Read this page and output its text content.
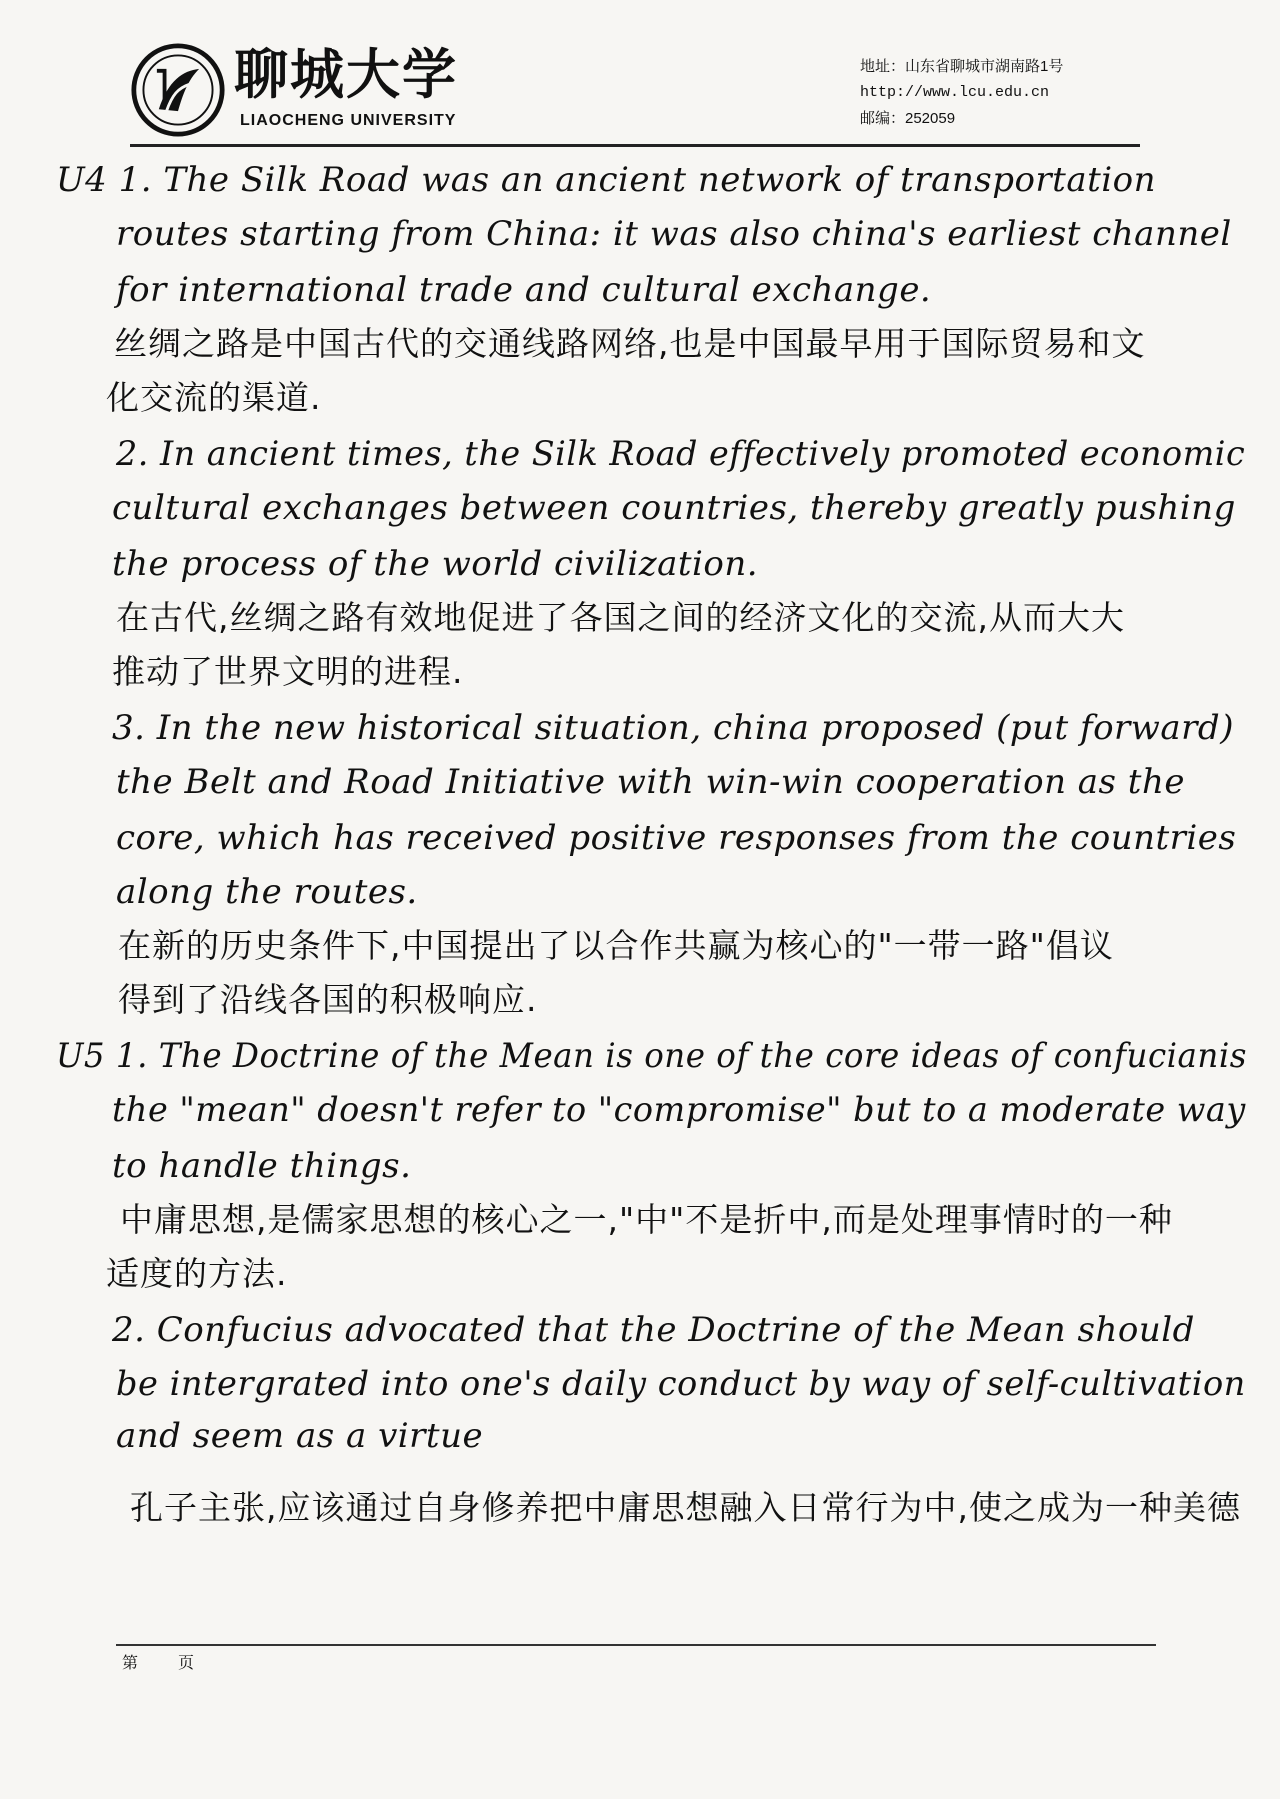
聊城大学
LIAOCHENG UNIVERSITY
地址：山东省聊城市湖南路1号
http://www.lcu.edu.cn
邮编：252059
U4 1. The Silk Road was an ancient network of transportation
routes starting from China: it was also china's earliest channel
for international trade and cultural exchange.
丝绸之路是中国古代的交通线路网络,也是中国最早用于国际贸易和文
化交流的渠道.
2. In ancient times, the Silk Road effectively promoted economic
cultural exchanges between countries, thereby greatly pushing
the process of the world civilization.
在古代,丝绸之路有效地促进了各国之间的经济文化的交流,从而大大
推动了世界文明的进程.
3. In the new historical situation, china proposed (put forward)
the Belt and Road Initiative with win-win cooperation as the
core, which has received positive responses from the countries
along the routes.
在新的历史条件下,中国提出了以合作共赢为核心的"一带一路"倡议
得到了沿线各国的积极响应.
U5 1. The Doctrine of the Mean is one of the core ideas of confucianis
the "mean" doesn't refer to "compromise" but to a moderate way
to handle things.
中庸思想,是儒家思想的核心之一,"中"不是折中,而是处理事情时的一种
适度的方法.
2. Confucius advocated that the Doctrine of the Mean should
be intergrated into one's daily conduct by way of self-cultivation
and seem as a virtue
孔子主张,应该通过自身修养把中庸思想融入日常行为中,使之成为一种美德
第	页
